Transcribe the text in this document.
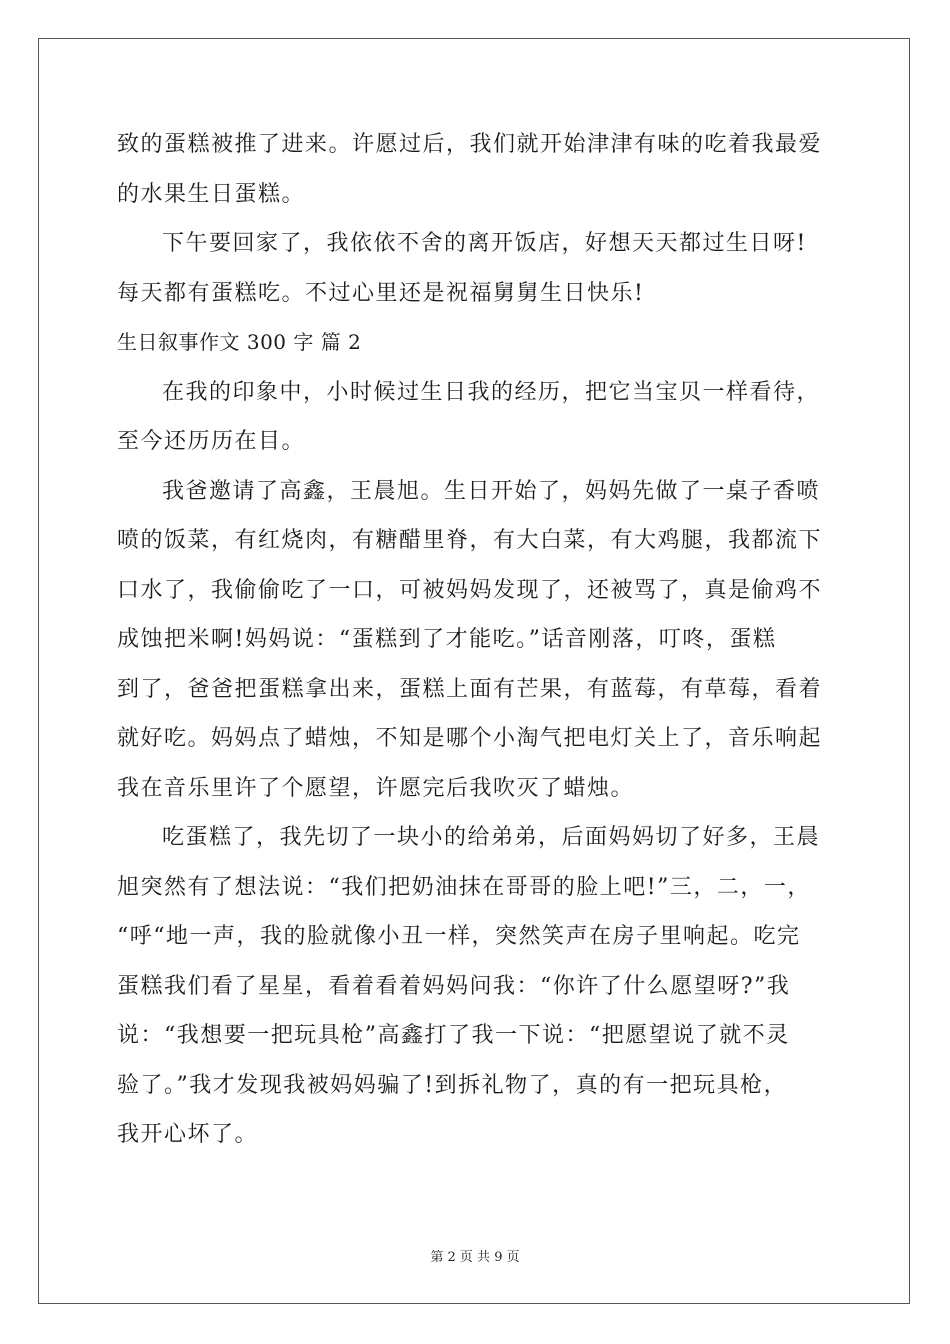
致的蛋糕被推了进来。许愿过后，我们就开始津津有味的吃着我最爱
的水果生日蛋糕。
下午要回家了，我依依不舍的离开饭店，好想天天都过生日呀!
每天都有蛋糕吃。不过心里还是祝福舅舅生日快乐!
生日叙事作文 300 字 篇 2
在我的印象中，小时候过生日我的经历，把它当宝贝一样看待，
至今还历历在目。
我爸邀请了高鑫，王晨旭。生日开始了，妈妈先做了一桌子香喷
喷的饭菜，有红烧肉，有糖醋里脊，有大白菜，有大鸡腿，我都流下
口水了，我偷偷吃了一口，可被妈妈发现了，还被骂了，真是偷鸡不
成蚀把米啊!妈妈说：“蛋糕到了才能吃。”话音刚落，叮咚，蛋糕
到了，爸爸把蛋糕拿出来，蛋糕上面有芒果，有蓝莓，有草莓，看着
就好吃。妈妈点了蜡烛，不知是哪个小淘气把电灯关上了，音乐响起
我在音乐里许了个愿望，许愿完后我吹灭了蜡烛。
吃蛋糕了，我先切了一块小的给弟弟，后面妈妈切了好多，王晨
旭突然有了想法说：“我们把奶油抹在哥哥的脸上吧!”三，二，一，
“呼“地一声，我的脸就像小丑一样，突然笑声在房子里响起。吃完
蛋糕我们看了星星，看着看着妈妈问我：“你许了什么愿望呀?”我
说：“我想要一把玩具枪”高鑫打了我一下说：“把愿望说了就不灵
验了。”我才发现我被妈妈骗了!到拆礼物了，真的有一把玩具枪，
我开心坏了。
第 2 页 共 9 页
